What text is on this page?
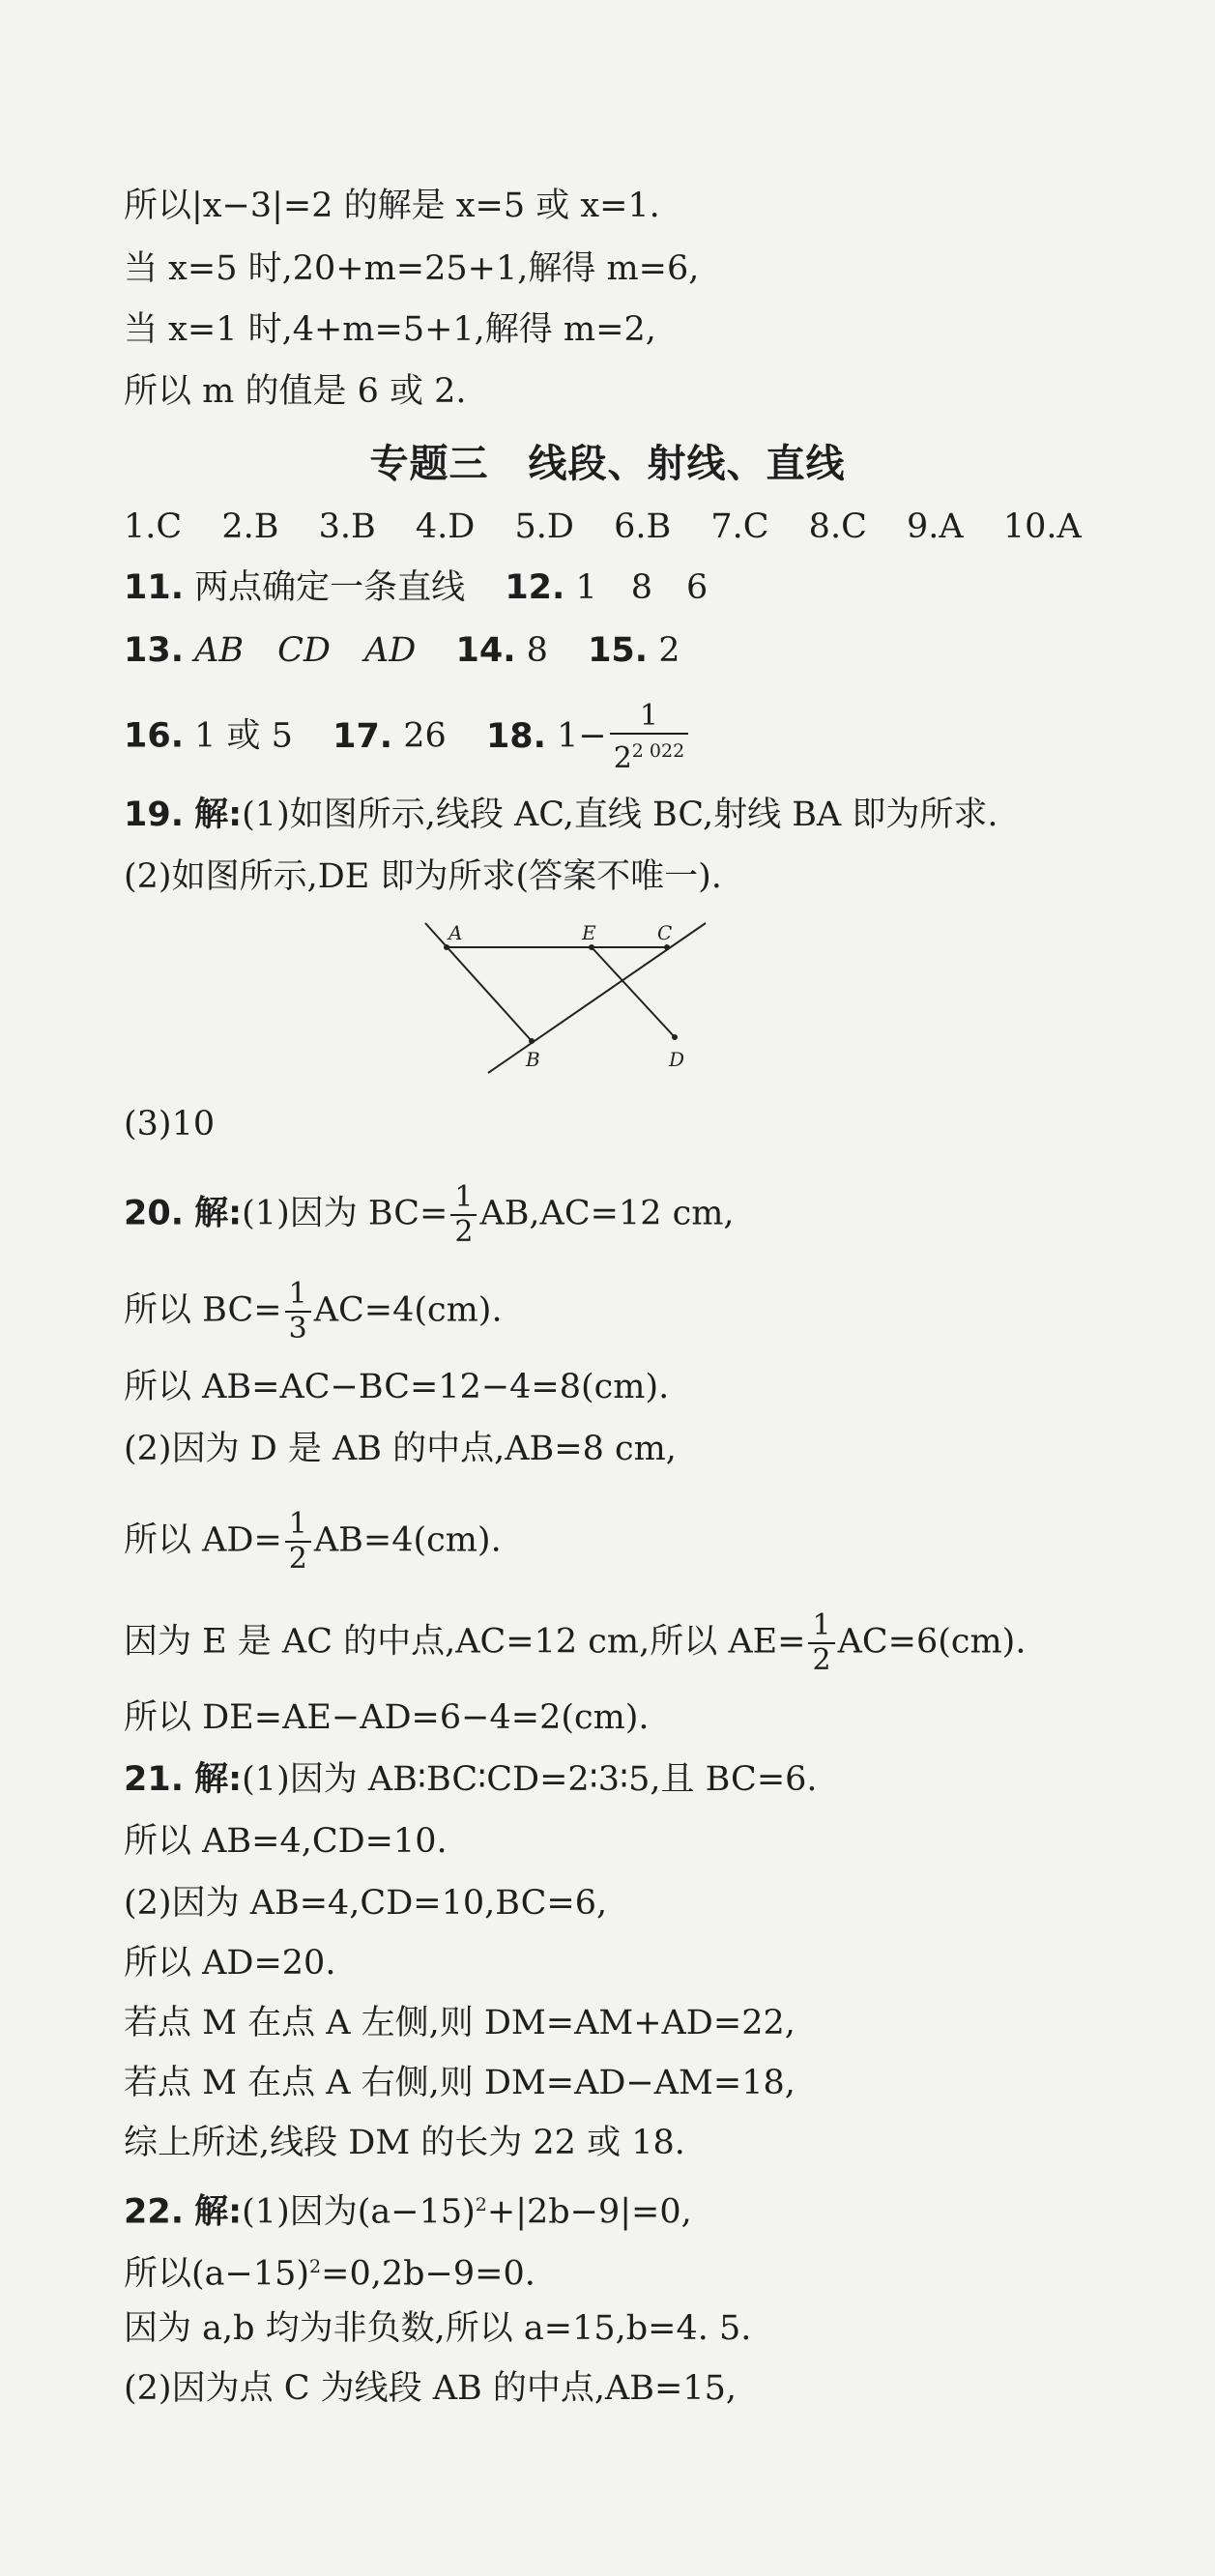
所以|x−3|=2 的解是 x=5 或 x=1.
当 x=5 时,20+m=25+1,解得 m=6,
当 x=1 时,4+m=5+1,解得 m=2,
所以 m 的值是 6 或 2.
专题三　线段、射线、直线
1.C 2.B 3.B 4.D 5.D 6.B 7.C 8.C 9.A 10.A
11. 两点确定一条直线 12. 1　8　6
13. AB　CD　AD 14. 8 15. 2
16. 1 或 5 17. 26 18. $1- \frac{1}{2^{2 022}}$
19. 解:(1)如图所示,线段 AC,直线 BC,射线 BA 即为所求.
(2)如图所示,DE 即为所求(答案不唯一).
A	E	C
B	D
(3)10
20. 解:(1)因为 $BC= \frac{1}{2} AB,AC=12$ cm,
所以 $BC= \frac{1}{3} AC=4(cm)$.
所以 AB=AC−BC=12−4=8(cm).
(2)因为 D 是 AB 的中点,AB=8 cm,
所以 $AD= \frac{1}{2} AB=4(cm)$.
因为 E 是 AC 的中点,AC=12 cm,所以 $AE= \frac{1}{2} AC=6(cm)$.
所以 DE=AE−AD=6−4=2(cm).
21. 解:(1)因为 AB∶BC∶CD=2∶3∶5,且 BC=6.
所以 AB=4,CD=10.
(2)因为 AB=4,CD=10,BC=6,
所以 AD=20.
若点 M 在点 A 左侧,则 DM=AM+AD=22,
若点 M 在点 A 右侧,则 DM=AD−AM=18,
综上所述,线段 DM 的长为 22 或 18.
22. 解:(1)因为$(a-15)^2+|2b-9|=0$,
所以$(a-15)^2=0,2b-9=0$.
因为 a,b 均为非负数,所以 a=15,b=4. 5.
(2)因为点 C 为线段 AB 的中点,AB=15,
